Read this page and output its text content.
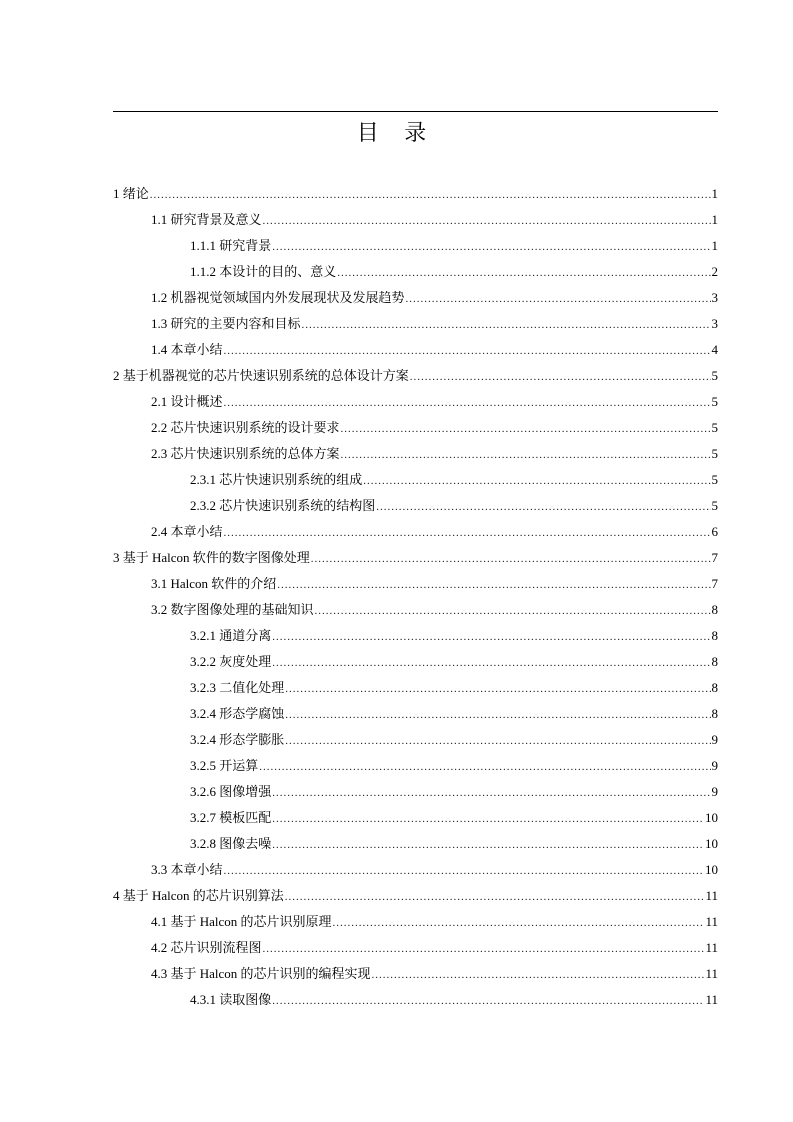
目 录
1 绪论 .....	1
1.1 研究背景及意义 .....	1
1.1.1 研究背景 .....	1
1.1.2 本设计的目的、意义 .....	2
1.2 机器视觉领域国内外发展现状及发展趋势 .....	3
1.3 研究的主要内容和目标 .....	3
1.4 本章小结 .....	4
2 基于机器视觉的芯片快速识别系统的总体设计方案 .....	5
2.1 设计概述 .....	5
2.2 芯片快速识别系统的设计要求 .....	5
2.3 芯片快速识别系统的总体方案 .....	5
2.3.1 芯片快速识别系统的组成 .....	5
2.3.2 芯片快速识别系统的结构图 .....	5
2.4 本章小结 .....	6
3 基于 Halcon 软件的数字图像处理 .....	7
3.1 Halcon 软件的介绍 .....	7
3.2 数字图像处理的基础知识 .....	8
3.2.1 通道分离 .....	8
3.2.2 灰度处理 .....	8
3.2.3 二值化处理 .....	8
3.2.4 形态学腐蚀 .....	8
3.2.4 形态学膨胀 .....	9
3.2.5 开运算 .....	9
3.2.6 图像增强 .....	9
3.2.7 模板匹配 .....	10
3.2.8 图像去噪 .....	10
3.3 本章小结 .....	10
4 基于 Halcon 的芯片识别算法 .....	11
4.1 基于 Halcon 的芯片识别原理 .....	11
4.2 芯片识别流程图 .....	11
4.3 基于 Halcon 的芯片识别的编程实现 .....	11
4.3.1 读取图像 .....	11
